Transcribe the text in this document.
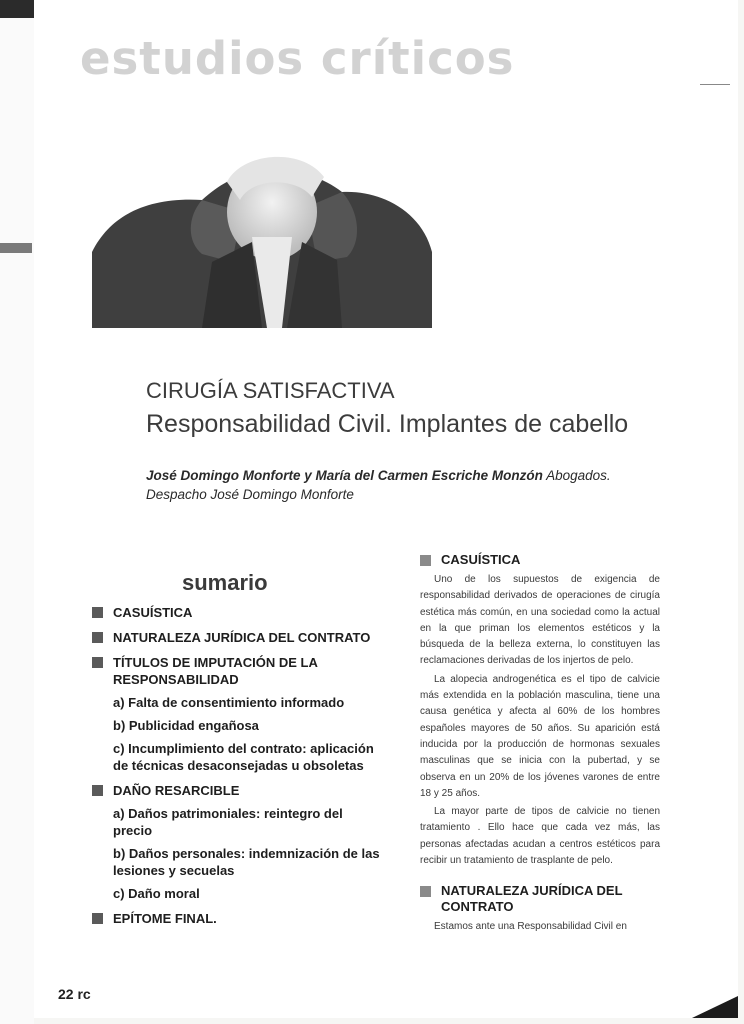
estudios críticos
CIRUGÍA SATISFACTIVA
Responsabilidad Civil. Implantes de cabello
José Domingo Monforte y María del Carmen Escriche Monzón Abogados.
Despacho José Domingo Monforte
sumario
CASUÍSTICA
NATURALEZA JURÍDICA DEL CONTRATO
TÍTULOS DE IMPUTACIÓN DE LA RESPONSABILIDAD
a) Falta de consentimiento informado
b) Publicidad engañosa
c) Incumplimiento del contrato: aplicación de técnicas desaconsejadas u obsoletas
DAÑO RESARCIBLE
a) Daños patrimoniales: reintegro del precio
b) Daños personales: indemnización de las lesiones y secuelas
c) Daño moral
EPÍTOME FINAL.
CASUÍSTICA

Uno de los supuestos de exigencia de responsabilidad derivados de operaciones de cirugía estética más común, en una sociedad como la actual en la que priman los elementos estéticos y la búsqueda de la belleza externa, lo constituyen las reclamaciones derivadas de los injertos de pelo.

La alopecia androgenética es el tipo de calvicie más extendida en la población masculina, tiene una causa genética y afecta al 60% de los hombres españoles mayores de 50 años. Su aparición está inducida por la producción de hormonas sexuales masculinas que se inicia con la pubertad, y se observa en un 20% de los jóvenes varones de entre 18 y 25 años.

La mayor parte de tipos de calvicie no tienen tratamiento . Ello hace que cada vez más, las personas afectadas acudan a centros estéticos para recibir un tratamiento de trasplante de pelo.

NATURALEZA JURÍDICA DEL CONTRATO

Estamos ante una Responsabilidad Civil en

22 rc
